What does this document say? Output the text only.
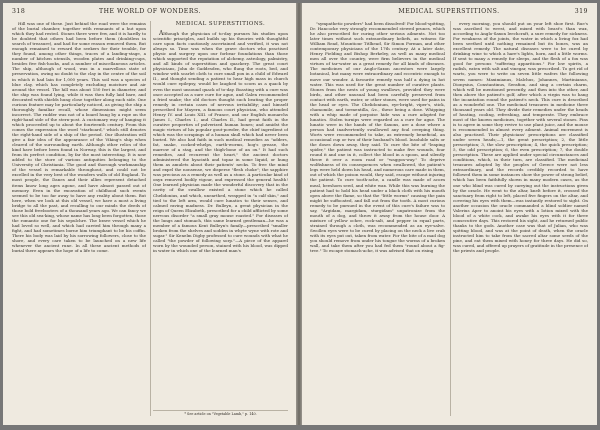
318	THE WORLD OF WONDERS.

Hill was one of these. Just behind the road were the remains of the burial chamber, together with remnants of a hut upon which they had rested. Stones there were few, and it is hardly to be doubted that others had been before them (doubtless in search of treasure), and had for some reason removed them. But enough remained to reward the seekers for their trouble, for they found, among other things, traces of a landing-stage, a number of kitchen utensils, wooden plates and drinking-cups, besides five fish-hooks, and a number of miscellaneous articles. The ship, although of wood, was in a marvellous state of preservation, owing no doubt to the clay in the centre of the soil in which it had lain for 1,000 years. This soil was a species of blue clay, which has completely excluding moisture and air around the vessel. The hill was about 150 feet in diameter, and the ship was found lying, while it was then fully laid bare, and decorated with shields hung close together along each side. One curious feature may be particularly noticed, as giving the ship a thoroughly familiar recall, whose dimensions might seem incorrect. The rudder was not of a board hung by a rope on the right-hand side of the stern-post. A customary way of hanging it which proceeded up to about the fourteenth century. From this comes the expression the word "starboard," which still denotes the right-hand side of a ship of the period. Our illustration will give a fair idea of the appearance of the Viking's ship when cleared of the surrounding earth. Although other relics of the kind have before been found in Norway, this is the largest, and from its perfect condition, by far the most interesting. It is now added to the store of various antiquities belonging to the University of Christiania. The good and thorough workmanship of the vessel is remarkable throughout, and could not be excelled in the very best of the wonders walls of old England. To most people, the Danes and their allies represent detached items know long ages agone, and have almost passed out of memory. Even in the excavation of childhood such events seemed to be too far away to have any reality about them. But here, when we look at this old vessel, we have a most a living bridge to all the past, and recalling to our minds the deeds of those bold freebooters of a thousand years ago. We can fancy we see this old sea-king, whose name has long been forgotten, those the romantic one for his sepulchre. The brave vessel which he had loved so well, and which had carried him through many a fight, and had sometimes borne him triumphant to be his coffin. There his body was laid by his sorrowing followers, close to the shore, and every care taken to be launched on a new life whenever the ancient rune. In all these ancient methods of burial there appears the hope of a life to come.

MEDICAL SUPERSTITIONS.

Although the physician of to-day pursues his studies upon scientific principles, and builds up his theories with thoughtful care upon facts cautiously ascertained and verified, it was not always so. Time was when the grave doctors who practised physic and surgery upon our forbear foundations than those which supported the reputation of alchemy, astrology, palmistry, and all kinds of superstition and quackery. The great court physicians, John de Gaddesden, who flung the roots, bed, and window with scarlet cloth to cure small pox in a child of Edward II., and thought sending a patient to hear high mass in church would cure epilepsy, would be laughed to scorn as a quack by even the most unsound quack of to-day. Boasting with a cure was once accepted as a sure cure for ague, and Galen recommended a fried snake; the old doctors thought such beating the proper remedy in certain cases of nervous irritability; and himself prescribed for Mayern, a famous court physician, who attended Henry IV. and Louis XIII. of France, and our English monarchs James I., Charles I., and Charles II., had great faith in the curative properties of pulverized human bones; and amidst the magic virtues of his popular gout-powder, the chief ingredient of which was the scrapings of a human skull which had never been buried. We also had faith in such medical remedies as "adders, fat, snake, cocked-whelps, earth-worms, hog's grease, the marrow of a stag, and the thigh-bone of an ox." It had such remedies, and recurrent the heart," the ancient doctors administered the hyacinth and topaz in some liquid, or hung them as amulets about their patients' necks. To free the mind and expel the nonsense, we disperse "flesh choke"; the sapphire was precious as a remedy as well as a stone. A particular kind of onyx removed bodily vigour, and expressed the general health! One learned physician made the wonderful discovery that in the cavity of the swallow existed a stone which he called Chelidonius, and which, unearthed, wrapped in "a calf skin," and tied to the left arm, would cure lunatics to their senses, and calmed raving madness. Dr. Bulleyn, a great physician in the reign of Queen Elizabeth, prescribed for a child afflicted by some nervous disorder "a small gray mouse roasted." For diseases of the lungs and stomach, this same learned gentleman—he was a member of a famous Kent Bulleyn's family—prescribed "smaller broken from the shelves and sodden in whyte wyne with rote and sugar." Sir Kenelm Digby professed to cure wounds with what he called "the powder of following sorp."—A piece of the apparel worn by the wounded person, stained with his blood, was dipped in water in which one of the learned man's

* See article on "Vegetable Lamb," p. 140.
MEDICAL SUPERSTITIONS.	319

"sympathetic powders" had been dissolved! For blood-spitting, Dr. Hancocke very strongly recommended stewed prunes, which he also prescribed for curing other serious ailments. Not too later times without such extraordinary beliefs, as witness Sir William Read, Mountiour Titlhead, Sir Simon Forman, and other contemporary physicians of the 17th century. At a later date, Henry Fielding and Bishop Berkeley, as well as many medical men all over the country, were firm believers in the medical virtues of tar-water as a great remedy for all kinds of diseases. The medicines of our Anglo-Saxon ancestors were largely botanical, but many were extraordinary and eccentric enough to move our wonder. A favourite remedy was half a dying in hot water. This was used for the great number of curative plants. Stones from the nests of young swallows, provided they were birds, and other unusual had been carefully preserved from contact with earth, water, or other stones, were used for pains in the head or eyes. The Chelidonium, eye-bright, viper's, stick, chamomile, and tormentilla, &c., these being a dose. Whipping with a whip made of porpoise hide was a cure adopted for lunatics. Stolen turnips were regarded as a cure for ague. The lunatic were in the hands of the Saxons, are a dose where a person had inadvertently swallowed any foul creeping thing. Worts were recommended to take, as extremely beneficial, an occasional cup or two of their husband's blood. Insoluble salts or the doses down away, they said. To cure the bite of "leaping spider," the patient was instructed to make five wounds, four round it and one in it, collect the blood in a spoon, and silently throw it over a room road or "waggon-way." To deprive wolfishness of its consequences when swallowed, the patient's legs were held down his head, and numerous care made in them, out of which the poison would, they said, escape without injuring the patient. To cure tooth-ache, a candle was made of acorn meal, beeshorn seed, and white wax. While this was burning the patient had to hold his head under a black cloth with his mouth open above the flame, so that the "little worms" causing the pain might be suffocated, and fall out from the tooth. A most curious remedy to be pursued in the event of this cure's failure was to say, "Argidam, margidam, sturgidam" unpatronize from the mouth of a dog, and throw it away from the house door. A mixture of yellow ochre, rock-salt, and pepper in equal parts, strained through a cloth, was recommended as an eye-salve. Swollen eyes were to be cured by placing on the neck a live crab with its eyes put out, taken from water. For the bite of a mad dog you should remove from under his tongue the worms of a broken wall, and take them after you had fed them "round about a fig-tree." To escape stomach-ache, it was advised that on rising

every morning, you should put on your left shoe first. Rue's was ascribed to wrest, and mixed with beast's than wax, according to Anglo-Saxon leechcraft, a sure remedy for sickness. For weakness of the joints, the water in which a living fox had been seethed until nothing remained but its bones, was an excellent remedy. The natural diseases were to be cured by drinking wine to which a hare's lights, horn, and a little worms. If sent to many a remedy for sleeps, and the flesh of a fox was good for persons "suffering apparitions." For low spirits, a radish, eaten with salt and vinegar, was prescribed. To get rid of warts, you were to write on seven little wafers the following seven names: Maximianus, Malchus, Johannes, Martinianus, Dionysius, Constantinus, Serafion, and sing a certain charm, which will be mentioned presently, and then into the other, and then above the patient's golf, after which a virgin was to hang the incantation round the patient's neck. This cure is described as a wonderful one. The medicinal treasures in medicine three thousand years old. They divide their remedies under the heads of heating, cooling, refreshing, and temperate. They embrace most of the known medicines, together with several stones. Pins is to agree in some they revive to use plant juice, and the mouse is recommended in almost every ailment. Animal excrement is also practised. Their physicians' prescriptions are classified under seven heads;—1, the great prescription; 2, the little prescription; 3, the slow prescription; 4, the quick prescription; 5, the odd prescription; 6, the even prescription; 7, the double prescription. These are applied under special circumstances and conditions, which, in their turn, are classified. The medicinal treasures adopted by the peoples of Greece were not less extraordinary, and the records credibly recorded to have followed them in some instances show the power of strong belief, which has been faithfully shown in many modern cases, as the one who blind was cured by carrying out the instructions given by the oracle. He went to the altar, knelt before it, crossed the sanctuary from right to left, placed five fingers on the altar, and covering his eyes with them—was instantly restored to sight. On another occasion the oracle commanded a blind soldier named Valerius Aper to anoint his eyes with a lotion mixed with the blood of a white cock, and awake his eyes with it for three consecutive days. This restored his sight, and he returned public thanks to the gods. Another case was that of Julian, who was spitting blood, and was at the point of death, when the oracle instructed him to take from the sacred altar some seeds of the pine, and eat them mixed with honey for three days. He did so, was cured, and offered up prayers of gratitude in the presence of the priests and people.
